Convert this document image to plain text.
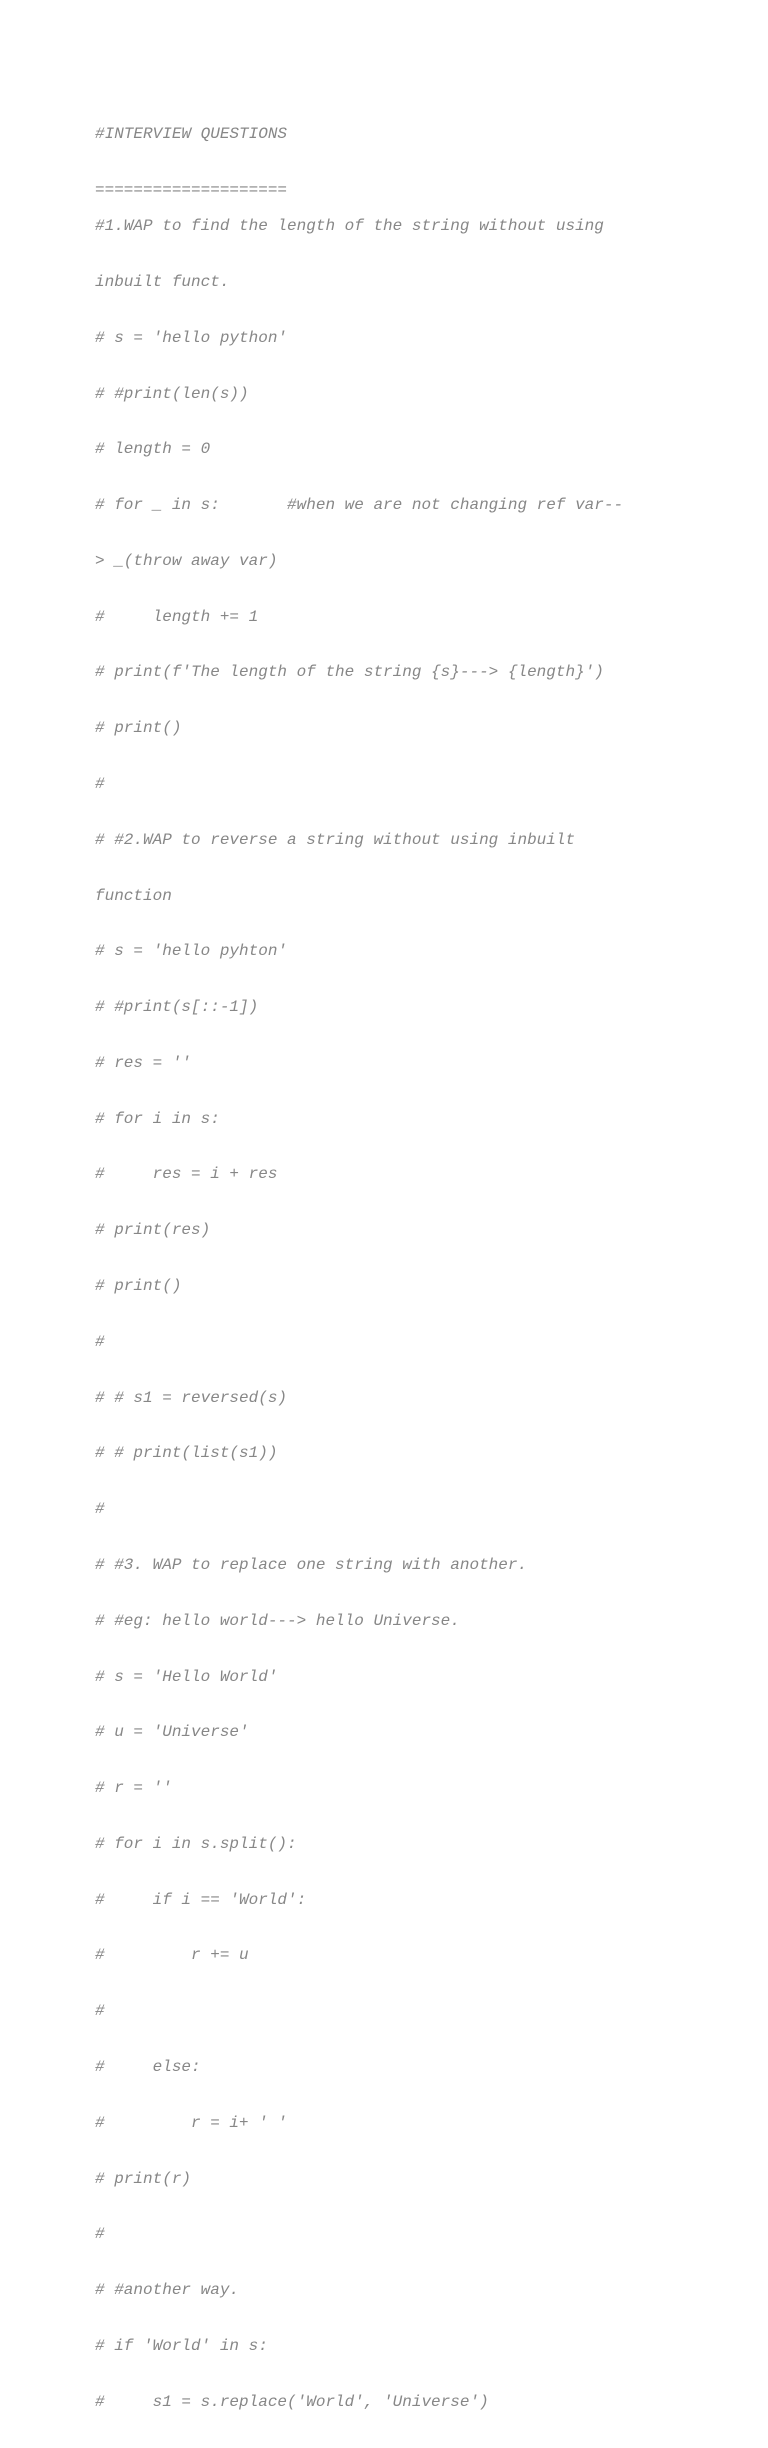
#INTERVIEW QUESTIONS

====================

#1.WAP to find the length of the string without using

inbuilt funct.

# s = 'hello python'

# #print(len(s))

# length = 0

# for _ in s:       #when we are not changing ref var--

> _(throw away var)

#     length += 1

# print(f'The length of the string {s}---> {length}')

# print()

#

# #2.WAP to reverse a string without using inbuilt

function

# s = 'hello pyhton'

# #print(s[::-1])

# res = ''

# for i in s:

#     res = i + res

# print(res)

# print()

#

# # s1 = reversed(s)

# # print(list(s1))

#

# #3. WAP to replace one string with another.

# #eg: hello world---> hello Universe.

# s = 'Hello World'

# u = 'Universe'

# r = ''

# for i in s.split():

#     if i == 'World':

#         r += u

#

#     else:

#         r = i+ ' '

# print(r)

#

# #another way.

# if 'World' in s:

#     s1 = s.replace('World', 'Universe')
